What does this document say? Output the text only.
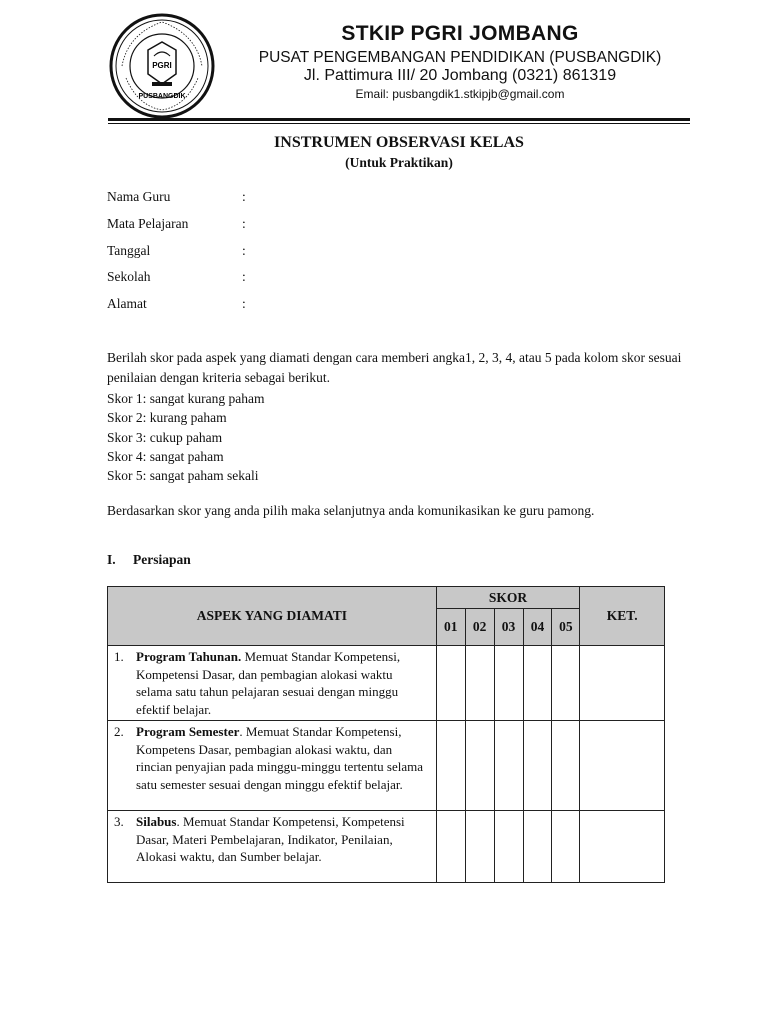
PGRI
PUSBANGDIK
STKIP PGRI JOMBANG
PUSAT PENGEMBANGAN PENDIDIKAN (PUSBANGDIK)
Jl. Pattimura III/ 20 Jombang (0321) 861319
Email: pusbangdik1.stkipjb@gmail.com
INSTRUMEN OBSERVASI KELAS
(Untuk Praktikan)
Nama Guru	:
Mata Pelajaran	:
Tanggal	:
Sekolah	:
Alamat	:
Berilah skor pada aspek yang diamati dengan cara memberi angka1, 2, 3, 4, atau 5 pada kolom skor sesuai penilaian dengan kriteria sebagai berikut.
Skor 1: sangat kurang paham
Skor 2: kurang paham
Skor 3: cukup paham
Skor 4: sangat paham
Skor 5: sangat paham sekali
Berdasarkan skor yang anda pilih maka selanjutnya anda komunikasikan ke guru pamong.
I. Persiapan
ASPEK YANG DIAMATI	SKOR					KET.
	01	02	03	04	05	
1. Program Tahunan. Memuat Standar Kompetensi, Kompetensi Dasar, dan pembagian alokasi waktu selama satu tahun pelajaran sesuai dengan minggu efektif belajar.						
2. Program Semester. Memuat Standar Kompetensi, Kompetens Dasar, pembagian alokasi waktu, dan rincian penyajian pada minggu-minggu tertentu selama satu semester sesuai dengan minggu efektif belajar.						
3. Silabus. Memuat Standar Kompetensi, Kompetensi Dasar, Materi Pembelajaran, Indikator, Penilaian, Alokasi waktu, dan Sumber belajar.						
